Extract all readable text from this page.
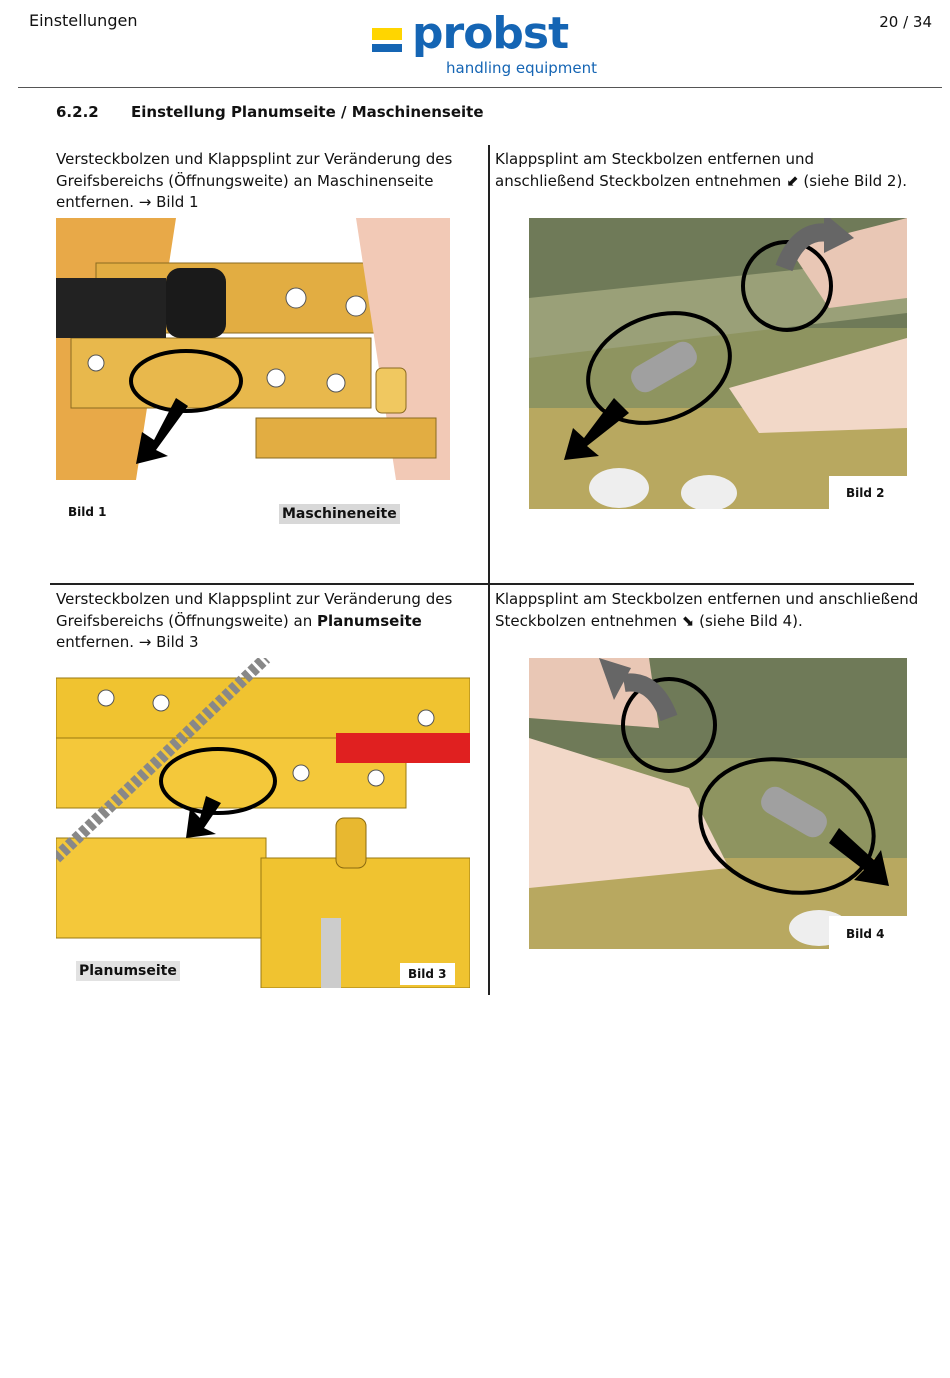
Einstellungen	20 / 34
probst
handling equipment
6.2.2 Einstellung Planumseite / Maschinenseite
Versteckbolzen und Klappsplint zur Veränderung des Greifsbereichs (Öffnungsweite) an Maschinenseite entfernen. → Bild 1
Bild 1	Maschineneite
Klappsplint am Steckbolzen entfernen und anschließend Steckbolzen entnehmen ⬋ (siehe Bild 2).
Bild 2
Versteckbolzen und Klappsplint zur Veränderung des Greifsbereichs (Öffnungsweite) an Planumseite entfernen. → Bild 3
Planumseite	Bild 3
Klappsplint am Steckbolzen entfernen und anschließend Steckbolzen entnehmen ⬊ (siehe Bild 4).
Bild 4
